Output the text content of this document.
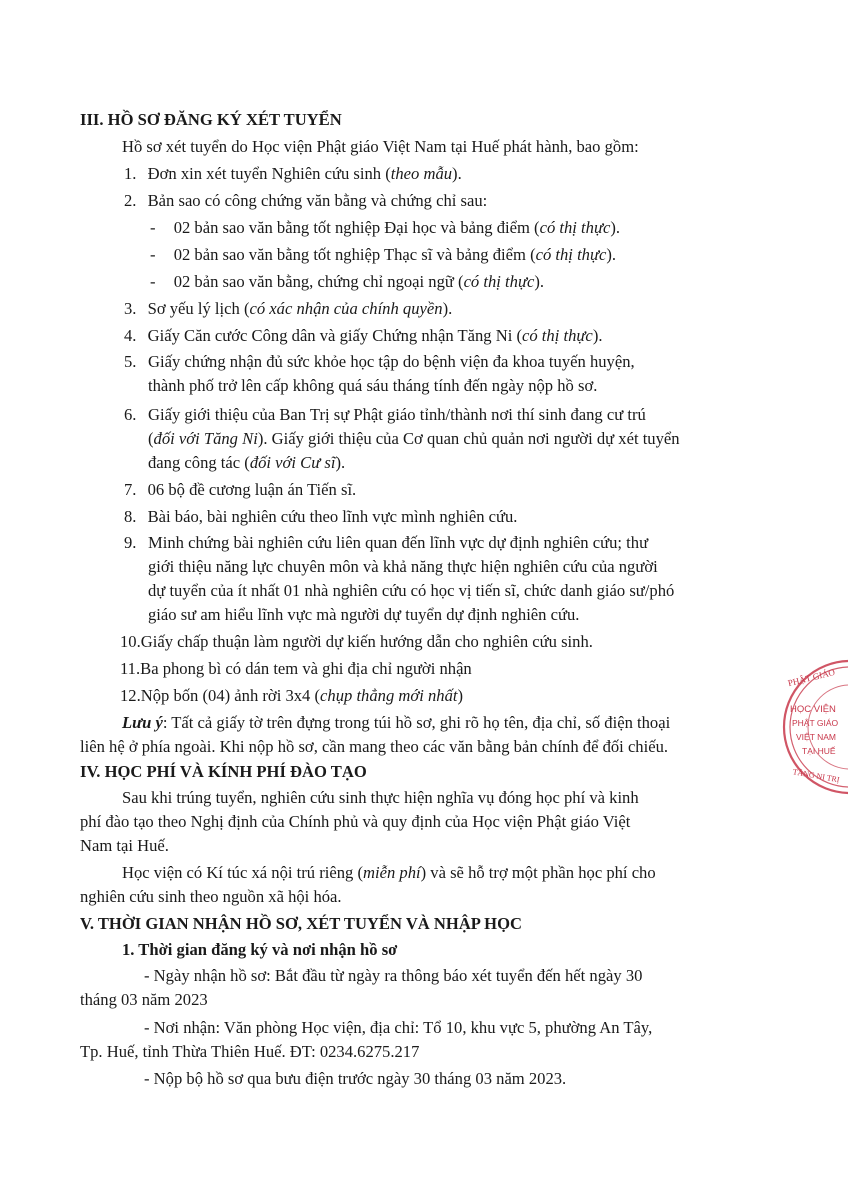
III. HỒ SƠ ĐĂNG KÝ XÉT TUYỂN
Hồ sơ xét tuyển do Học viện Phật giáo Việt Nam tại Huế phát hành, bao gồm:
1. Đơn xin xét tuyển Nghiên cứu sinh (theo mẫu).
2. Bản sao có công chứng văn bằng và chứng chỉ sau:
- 02 bản sao văn bằng tốt nghiệp Đại học và bảng điểm (có thị thực).
- 02 bản sao văn bằng tốt nghiệp Thạc sĩ và bảng điểm (có thị thực).
- 02 bản sao văn bằng, chứng chỉ ngoại ngữ (có thị thực).
3. Sơ yếu lý lịch (có xác nhận của chính quyền).
4. Giấy Căn cước Công dân và giấy Chứng nhận Tăng Ni (có thị thực).
5. Giấy chứng nhận đủ sức khỏe học tập do bệnh viện đa khoa tuyến huyện,
thành phố trở lên cấp không quá sáu tháng tính đến ngày nộp hồ sơ.
6. Giấy giới thiệu của Ban Trị sự Phật giáo tỉnh/thành nơi thí sinh đang cư trú
(đối với Tăng Ni). Giấy giới thiệu của Cơ quan chủ quản nơi người dự xét tuyển
đang công tác (đối với Cư sĩ).
7. 06 bộ đề cương luận án Tiến sĩ.
8. Bài báo, bài nghiên cứu theo lĩnh vực mình nghiên cứu.
9. Minh chứng bài nghiên cứu liên quan đến lĩnh vực dự định nghiên cứu; thư
giới thiệu năng lực chuyên môn và khả năng thực hiện nghiên cứu của người
dự tuyển của ít nhất 01 nhà nghiên cứu có học vị tiến sĩ, chức danh giáo sư/phó
giáo sư am hiểu lĩnh vực mà người dự tuyển dự định nghiên cứu.
10.Giấy chấp thuận làm người dự kiến hướng dẫn cho nghiên cứu sinh.
11.Ba phong bì có dán tem và ghi địa chỉ người nhận
12.Nộp bốn (04) ảnh rời 3x4 (chụp thẳng mới nhất)
Lưu ý: Tất cả giấy tờ trên đựng trong túi hồ sơ, ghi rõ họ tên, địa chỉ, số điện thoại
liên hệ ở phía ngoài. Khi nộp hồ sơ, cần mang theo các văn bằng bản chính để đối chiếu.
IV. HỌC PHÍ VÀ KÍNH PHÍ ĐÀO TẠO
Sau khi trúng tuyển, nghiên cứu sinh thực hiện nghĩa vụ đóng học phí và kinh
phí đào tạo theo Nghị định của Chính phủ và quy định của Học viện Phật giáo Việt
Nam tại Huế.
Học viện có Kí túc xá nội trú riêng (miễn phí) và sẽ hỗ trợ một phần học phí cho
nghiên cứu sinh theo nguồn xã hội hóa.
V. THỜI GIAN NHẬN HỒ SƠ, XÉT TUYỂN VÀ NHẬP HỌC
1. Thời gian đăng ký và nơi nhận hồ sơ
- Ngày nhận hồ sơ: Bắt đầu từ ngày ra thông báo xét tuyển đến hết ngày 30
tháng 03 năm 2023
- Nơi nhận: Văn phòng Học viện, địa chỉ: Tổ 10, khu vực 5, phường An Tây,
Tp. Huế, tỉnh Thừa Thiên Huế. ĐT: 0234.6275.217
- Nộp bộ hồ sơ qua bưu điện trước ngày 30 tháng 03 năm 2023.
PHẬT GIÁO
HỌC VIỆN
PHẬT GIÁO
VIỆT NAM
TẠI HUẾ
TĂNG NI TRỊ
